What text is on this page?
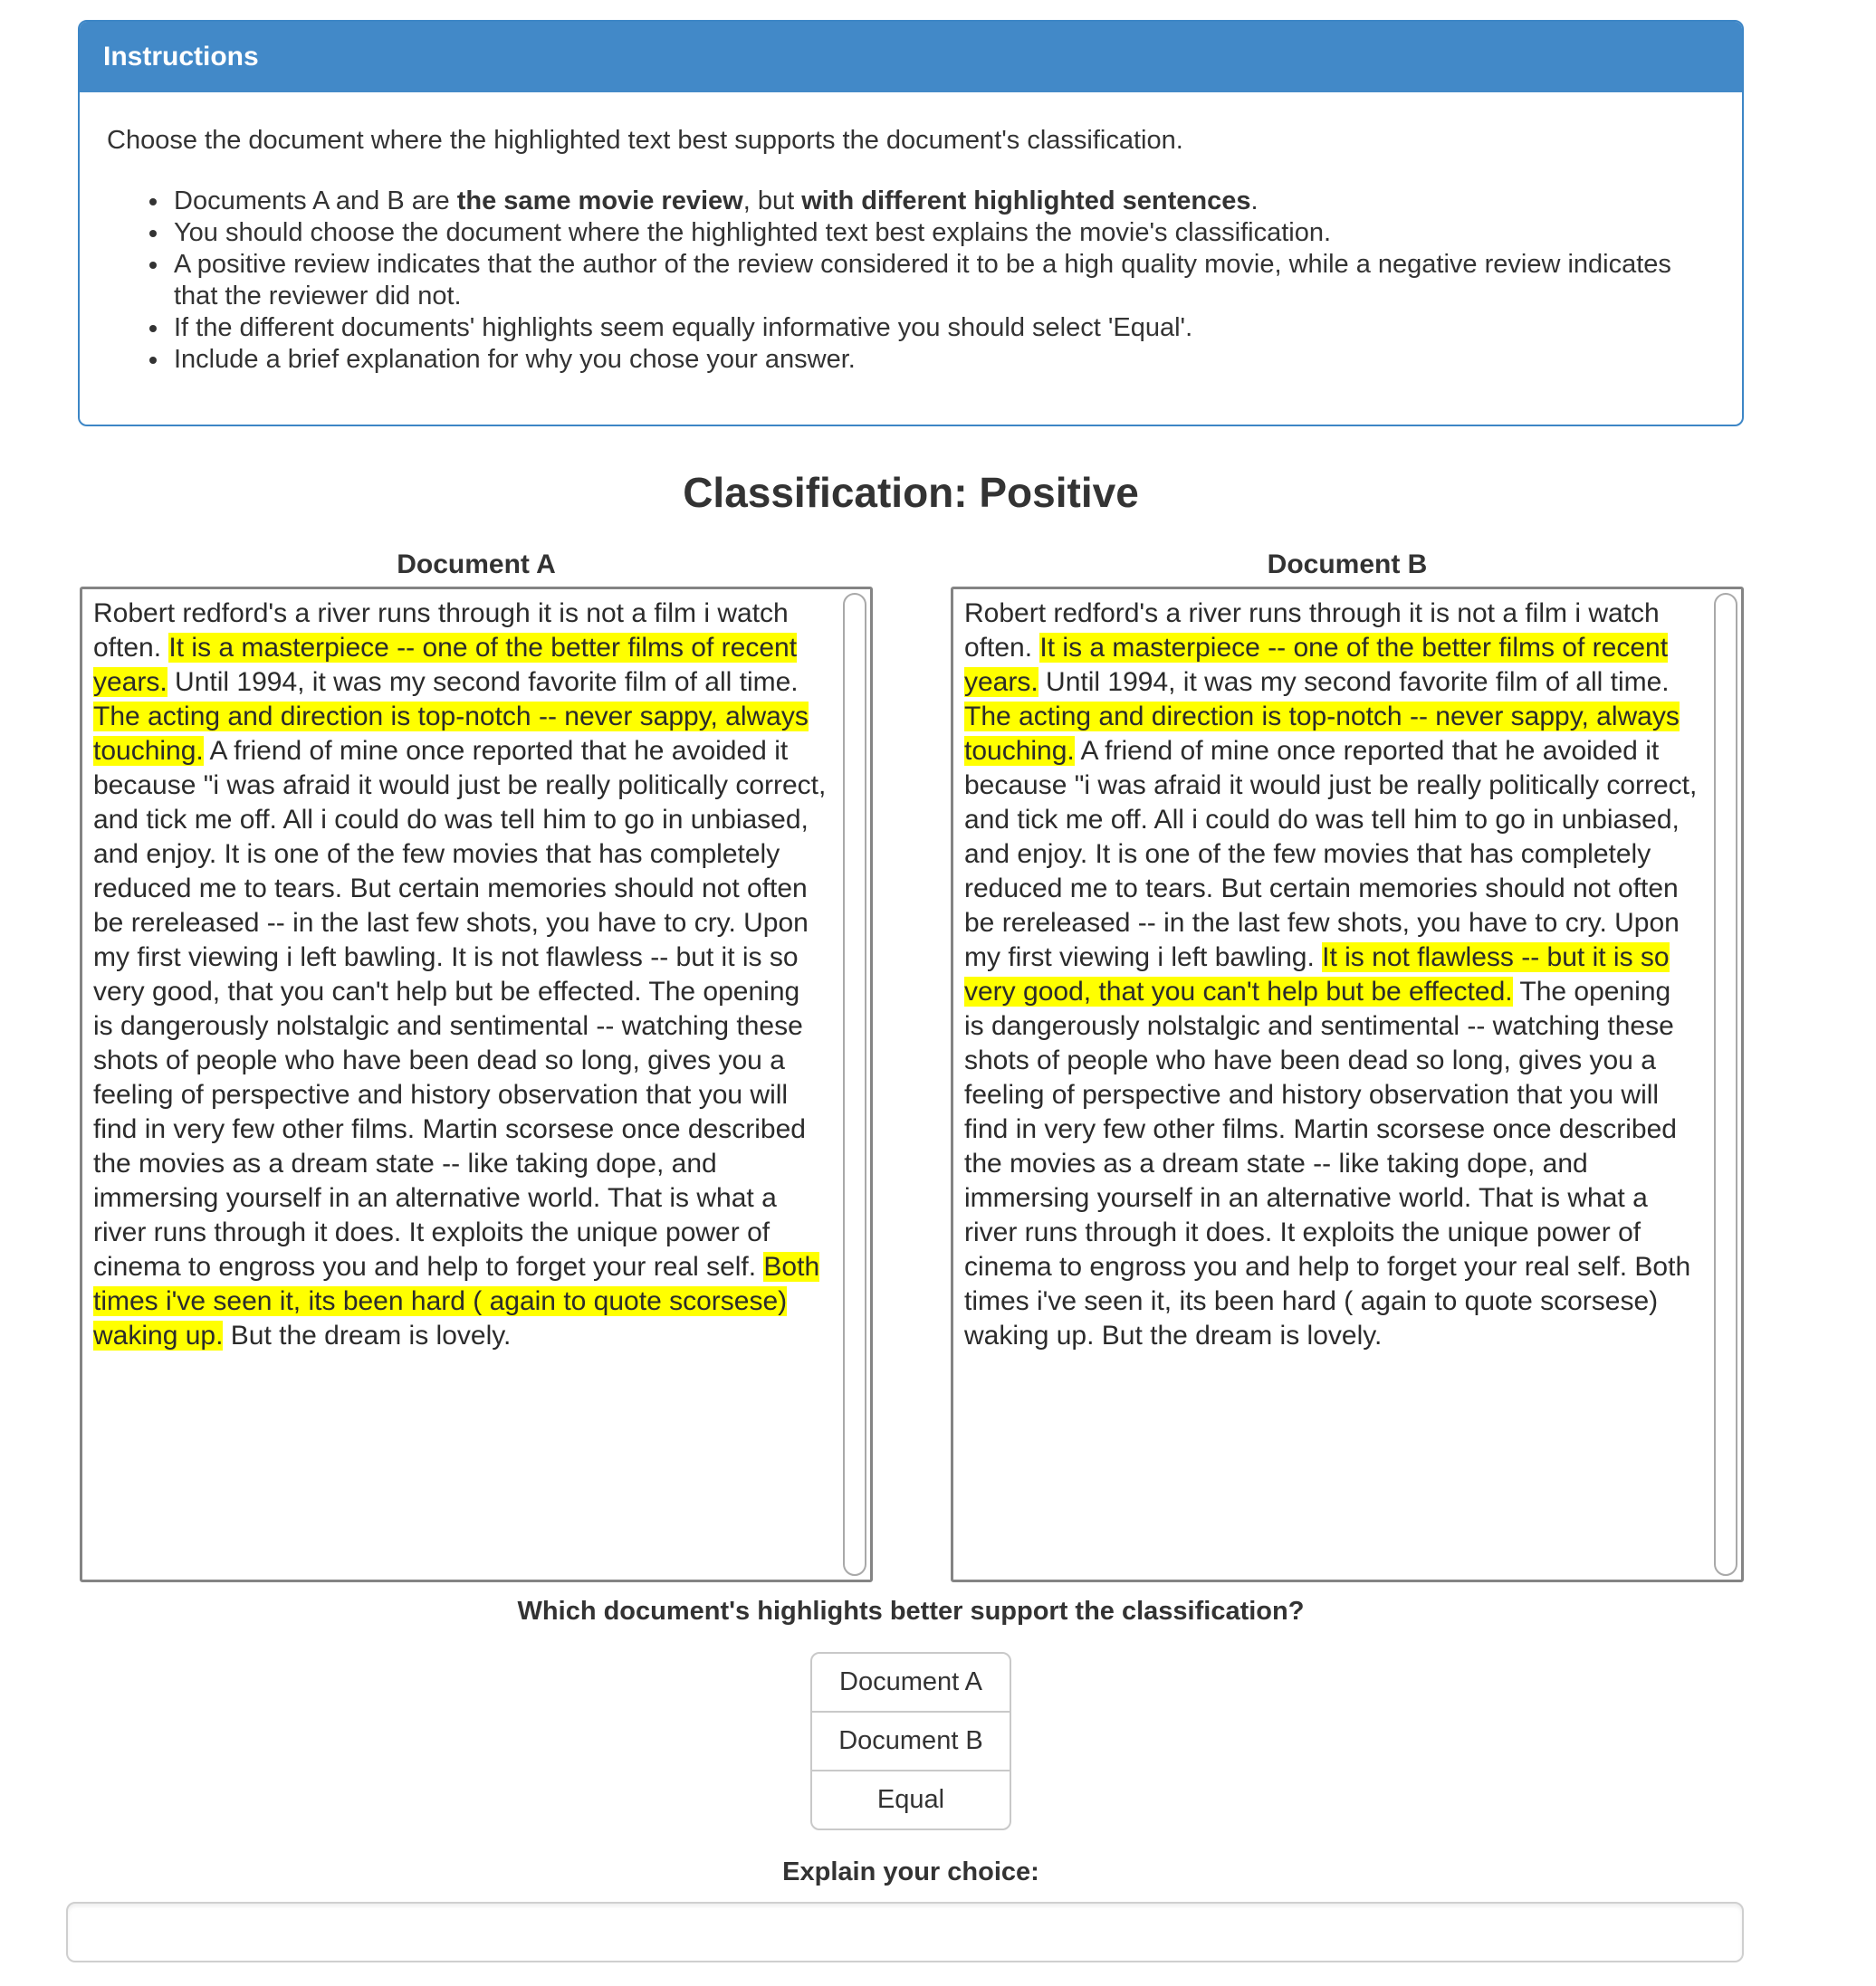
Instructions

Choose the document where the highlighted text best supports the document's classification.

• Documents A and B are the same movie review, but with different highlighted sentences.
• You should choose the document where the highlighted text best explains the movie's classification.
• A positive review indicates that the author of the review considered it to be a high quality movie, while a negative review indicates that the reviewer did not.
• If the different documents' highlights seem equally informative you should select 'Equal'.
• Include a brief explanation for why you chose your answer.
Classification: Positive
Document A
Robert redford's a river runs through it is not a film i watch often. It is a masterpiece -- one of the better films of recent years. Until 1994, it was my second favorite film of all time. The acting and direction is top-notch -- never sappy, always touching. A friend of mine once reported that he avoided it because "i was afraid it would just be really politically correct, and tick me off. All i could do was tell him to go in unbiased, and enjoy. It is one of the few movies that has completely reduced me to tears. But certain memories should not often be rereleased -- in the last few shots, you have to cry. Upon my first viewing i left bawling. It is not flawless -- but it is so very good, that you can't help but be effected. The opening is dangerously nolstalgic and sentimental -- watching these shots of people who have been dead so long, gives you a feeling of perspective and history observation that you will find in very few other films. Martin scorsese once described the movies as a dream state -- like taking dope, and immersing yourself in an alternative world. That is what a river runs through it does. It exploits the unique power of cinema to engross you and help to forget your real self. Both times i've seen it, its been hard ( again to quote scorsese) waking up. But the dream is lovely.
Document B
Robert redford's a river runs through it is not a film i watch often. It is a masterpiece -- one of the better films of recent years. Until 1994, it was my second favorite film of all time. The acting and direction is top-notch -- never sappy, always touching. A friend of mine once reported that he avoided it because "i was afraid it would just be really politically correct, and tick me off. All i could do was tell him to go in unbiased, and enjoy. It is one of the few movies that has completely reduced me to tears. But certain memories should not often be rereleased -- in the last few shots, you have to cry. Upon my first viewing i left bawling. It is not flawless -- but it is so very good, that you can't help but be effected. The opening is dangerously nolstalgic and sentimental -- watching these shots of people who have been dead so long, gives you a feeling of perspective and history observation that you will find in very few other films. Martin scorsese once described the movies as a dream state -- like taking dope, and immersing yourself in an alternative world. That is what a river runs through it does. It exploits the unique power of cinema to engross you and help to forget your real self. Both times i've seen it, its been hard ( again to quote scorsese) waking up. But the dream is lovely.
Which document's highlights better support the classification?
Document A
Document B
Equal
Explain your choice:
